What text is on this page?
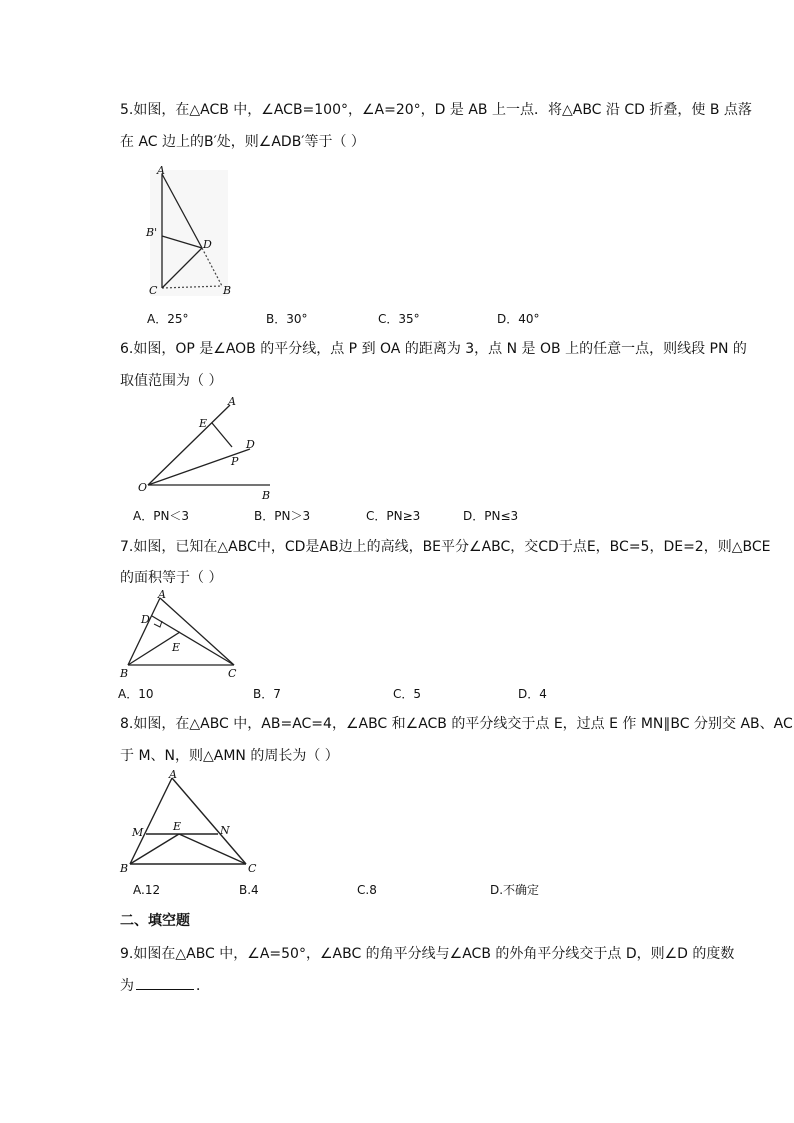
5.如图，在△ACB 中，∠ACB=100°，∠A=20°，D 是 AB 上一点．将△ABC 沿 CD 折叠，使 B 点落
在 AC 边上的B′处，则∠ADB′等于（ ）
A
B'
D
C	B
A．25°	B．30°	C．35°	D．40°
6.如图，OP 是∠AOB 的平分线，点 P 到 OA 的距离为 3，点 N 是 OB 上的任意一点，则线段 PN 的
取值范围为（ ）
A
E
D
P
O
B
A．PN＜3	B．PN＞3	C．PN≥3	D．PN≤3
7.如图，已知在△ABC中，CD是AB边上的高线，BE平分∠ABC，交CD于点E，BC=5，DE=2，则△BCE
的面积等于（ ）
A
D
E
B	C
A．10	B．7	C．5	D．4
8.如图，在△ABC 中，AB=AC=4，∠ABC 和∠ACB 的平分线交于点 E，过点 E 作 MN∥BC 分别交 AB、AC
于 M、N，则△AMN 的周长为（ ）
A
M	E	N
B	C
A.12	B.4	C.8	D.不确定
二、填空题
9.如图在△ABC 中，∠A=50°，∠ABC 的角平分线与∠ACB 的外角平分线交于点 D，则∠D 的度数
为	．
